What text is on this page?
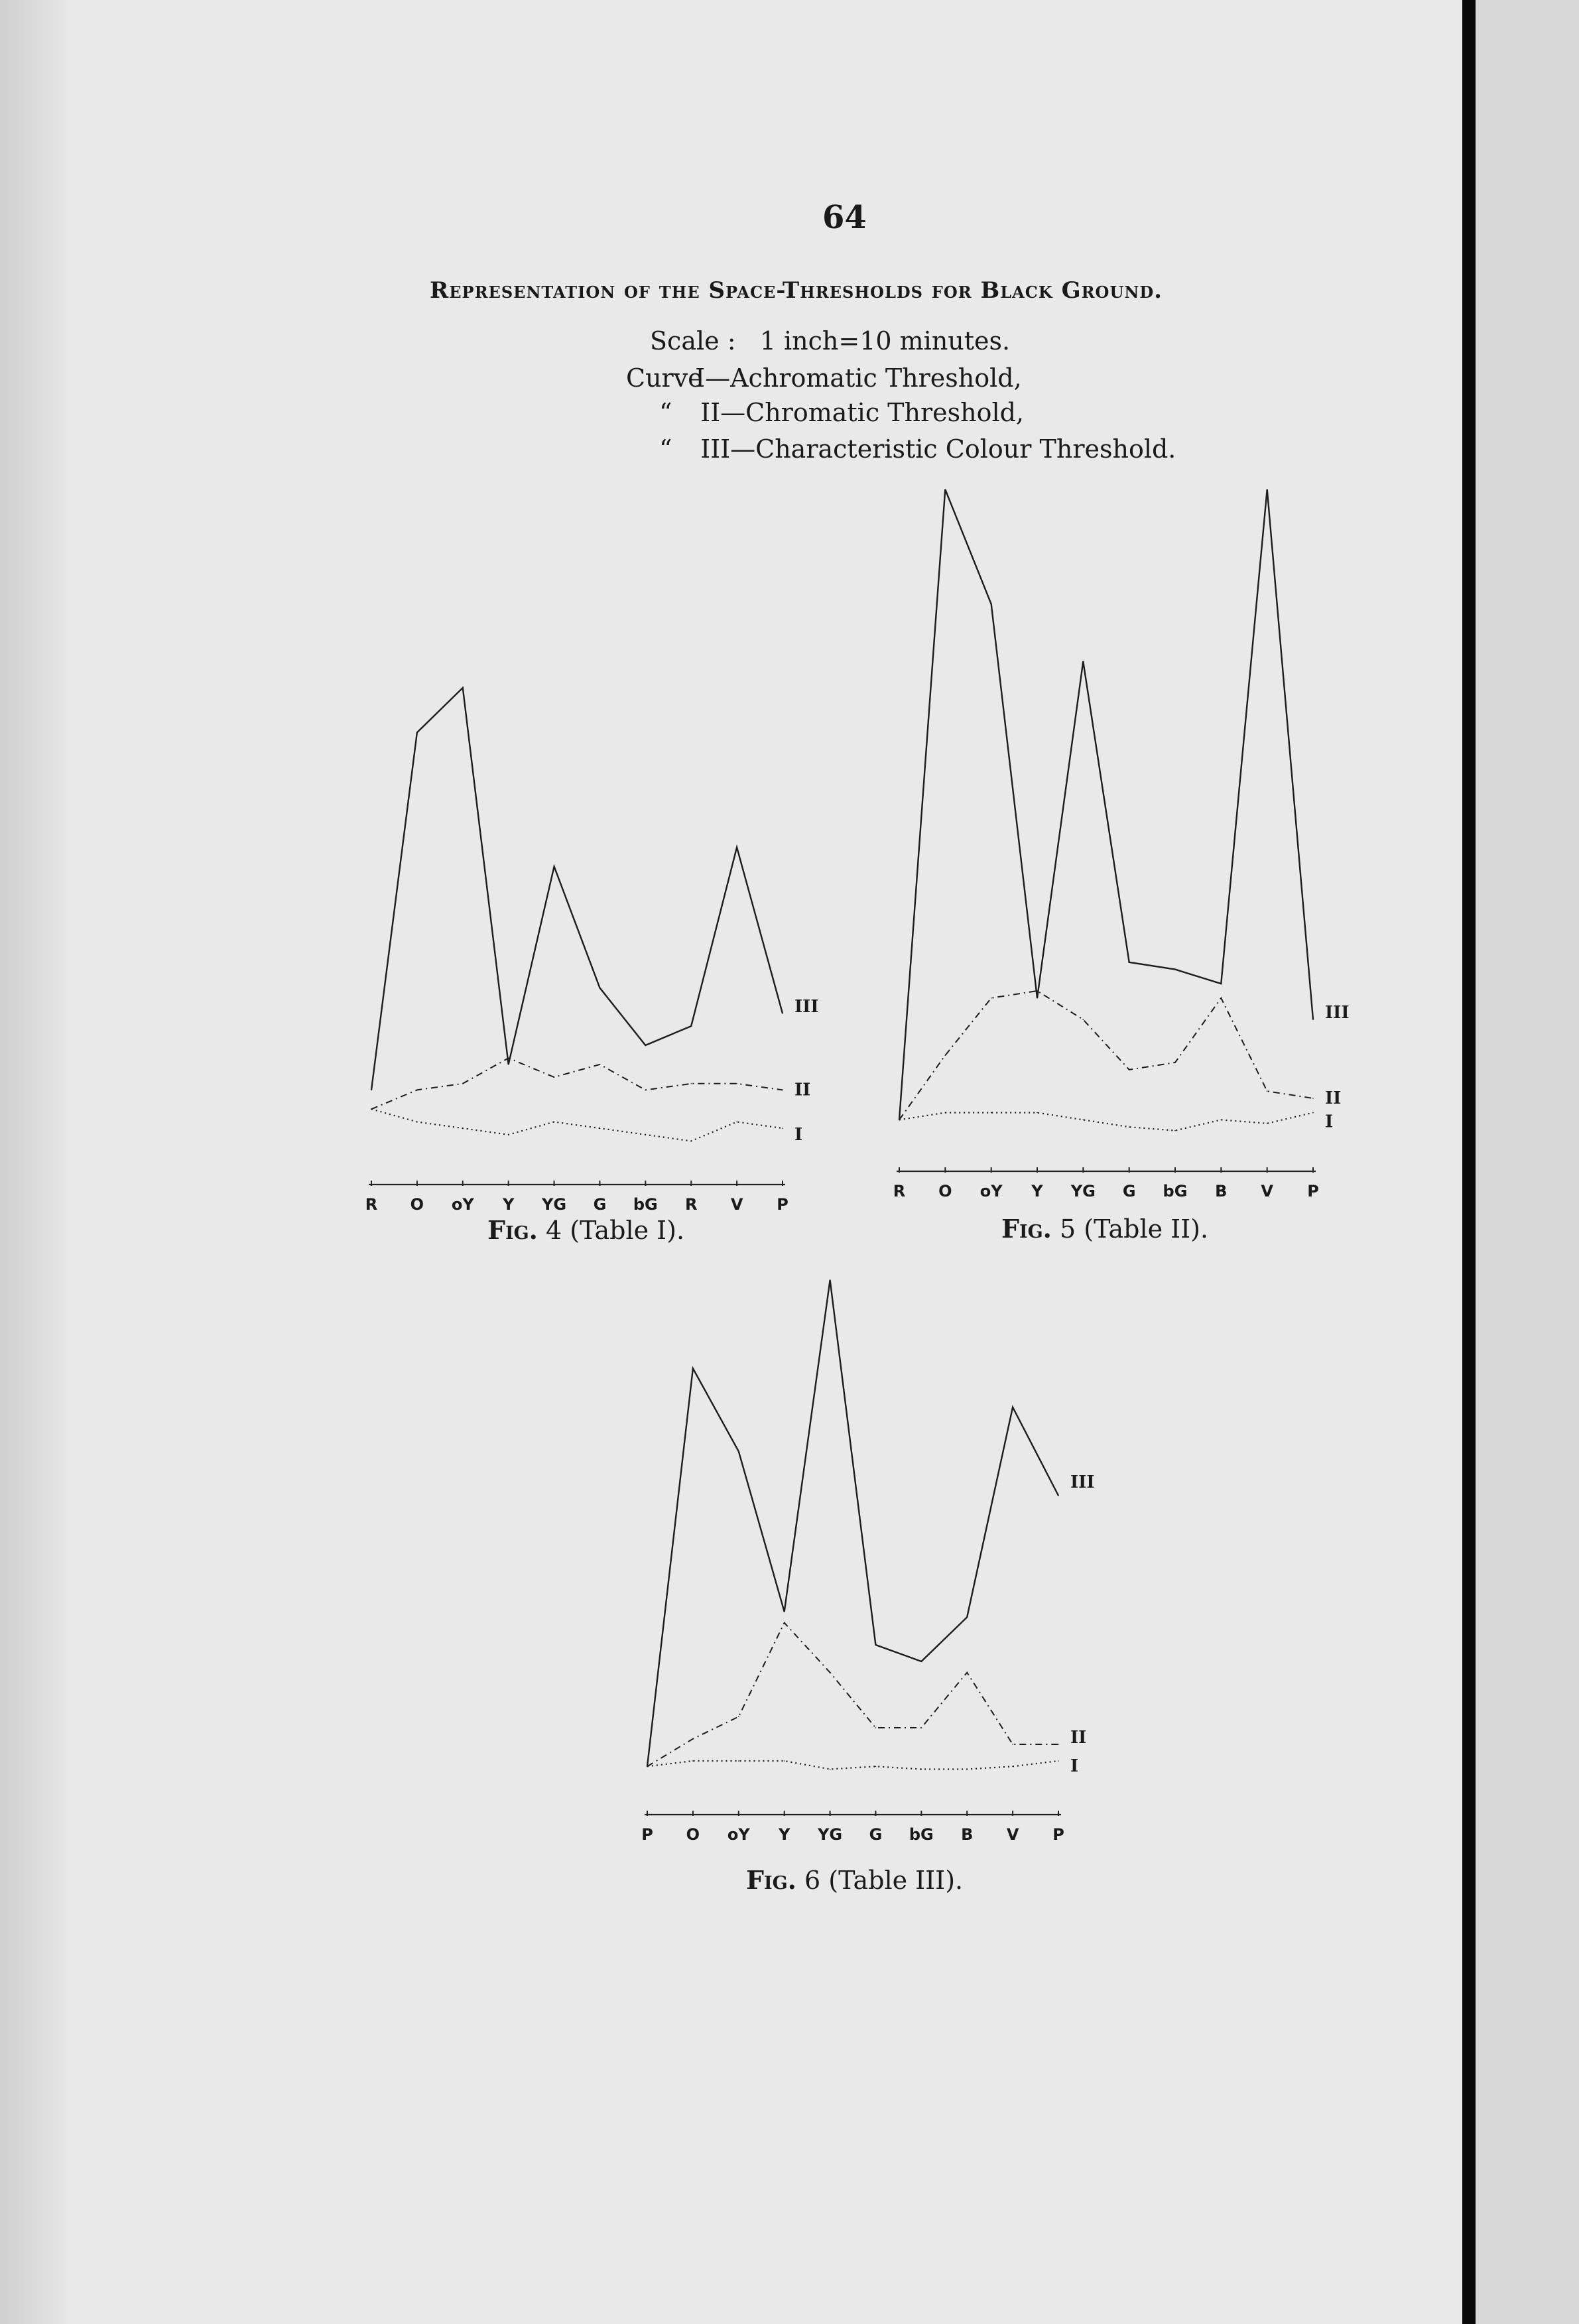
64
Representation of the Space-Thresholds for Black Ground.
Scale :   1 inch=10 minutes.
Curve I—Achromatic Threshold,
“ II—Chromatic Threshold,
“ III—Characteristic Colour Threshold.
R O oY Y YG G bG R V P
III
II
I
R O oY Y YG G bG B V P
III
II
I
P O oY Y YG G bG B V P
III
II
I
Fig. 4 (Table I).	Fig. 5 (Table II).
Fig. 6 (Table III).
